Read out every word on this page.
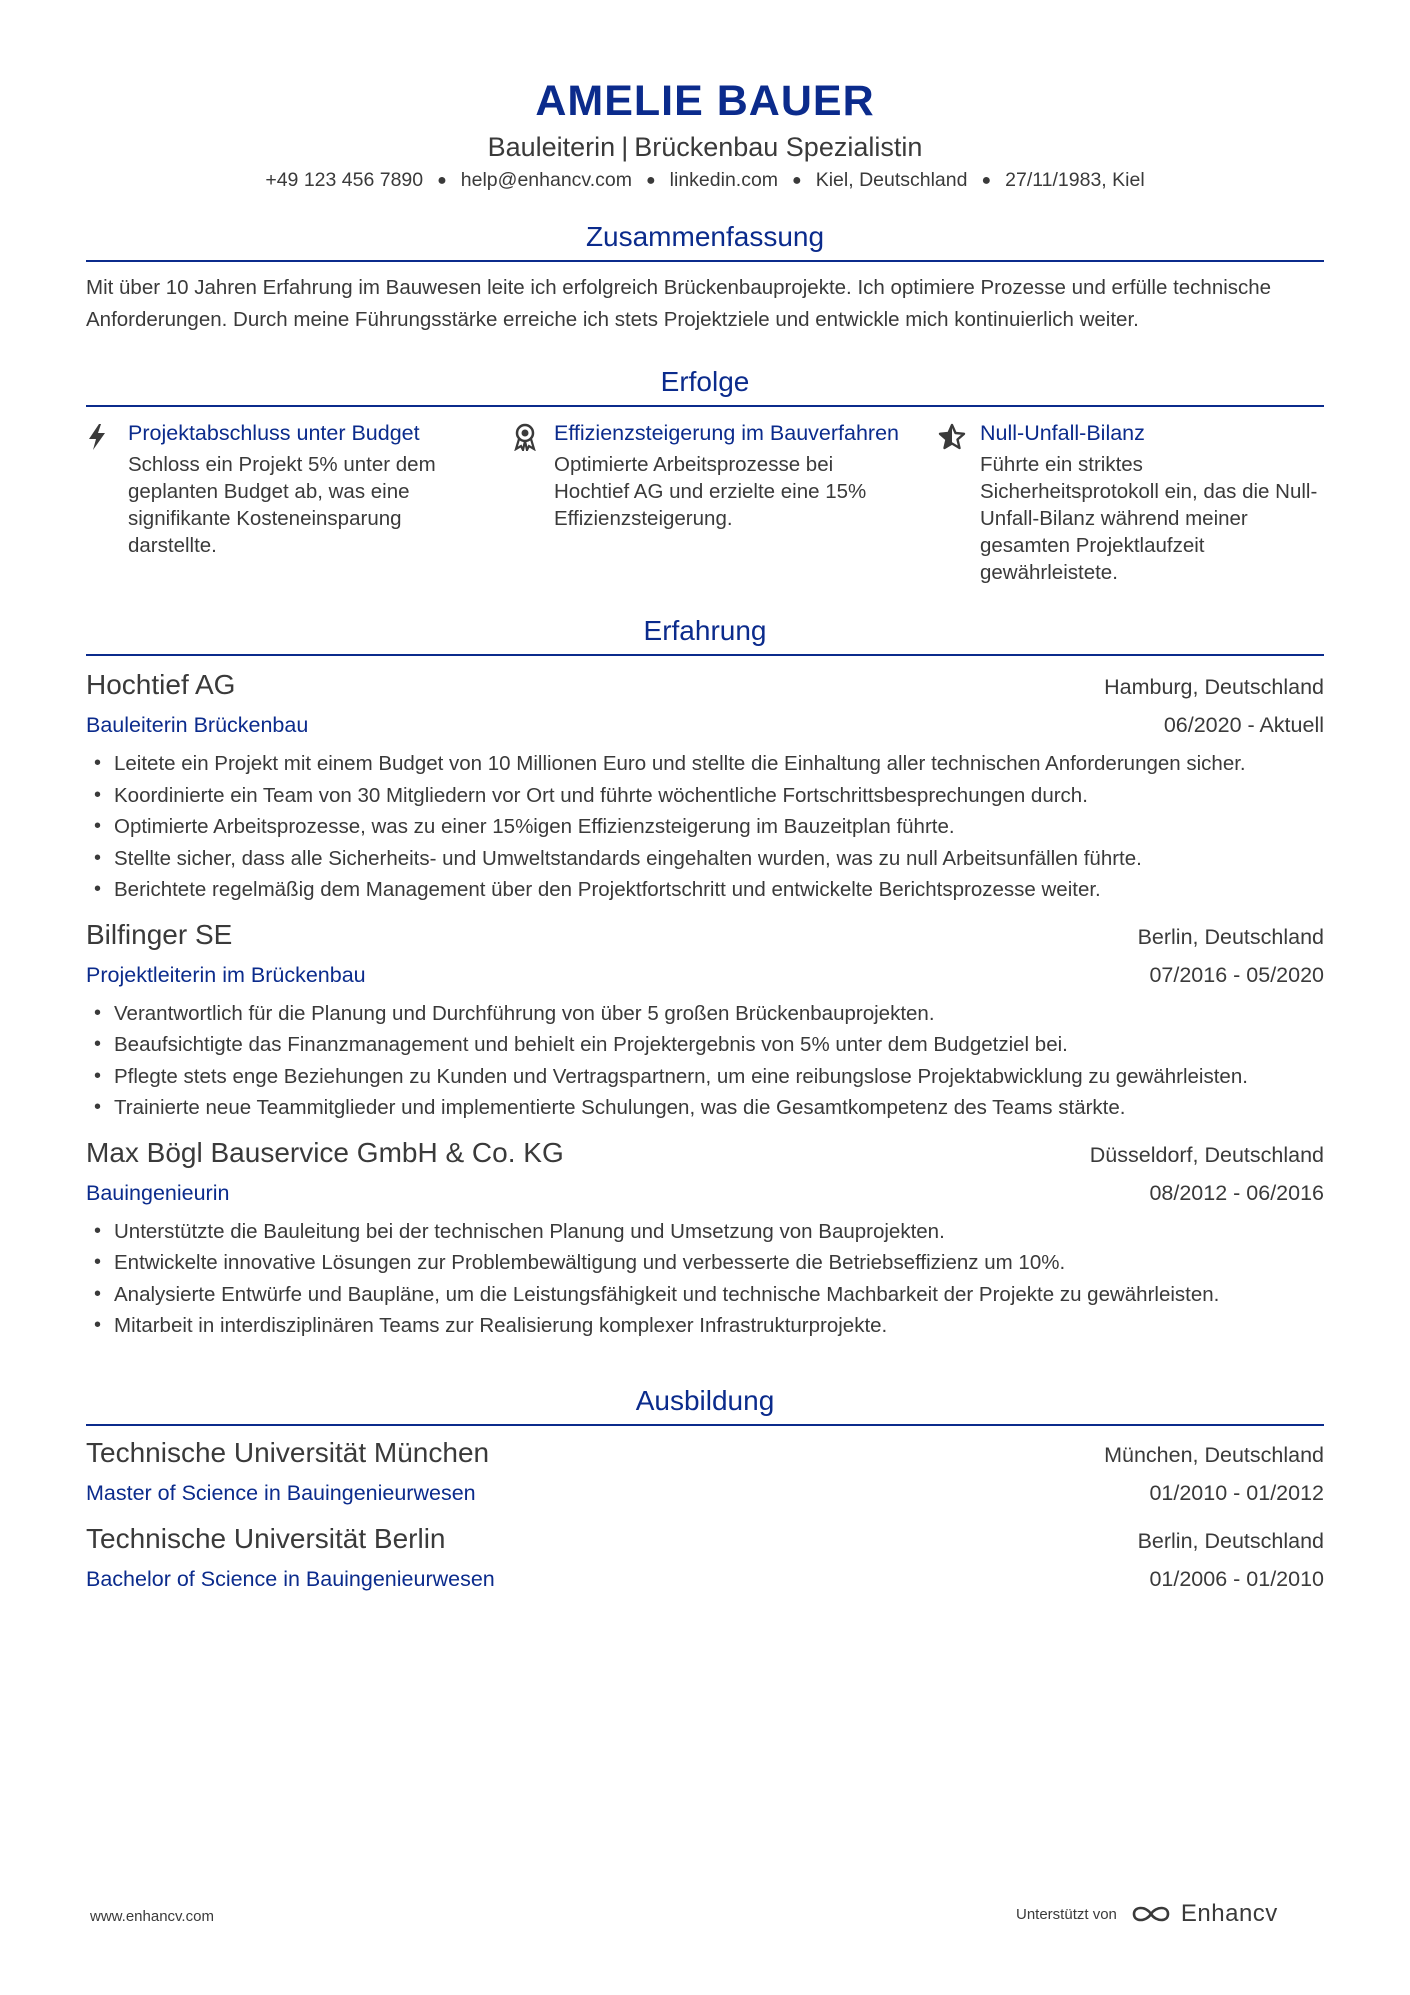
AMELIE BAUER
Bauleiterin | Brückenbau Spezialistin
+49 123 456 7890 ● help@enhancv.com ● linkedin.com ● Kiel, Deutschland ● 27/11/1983, Kiel
Zusammenfassung
Mit über 10 Jahren Erfahrung im Bauwesen leite ich erfolgreich Brückenbauprojekte. Ich optimiere Prozesse und erfülle technische Anforderungen. Durch meine Führungsstärke erreiche ich stets Projektziele und entwickle mich kontinuierlich weiter.
Erfolge
Projektabschluss unter Budget
Schloss ein Projekt 5% unter dem geplanten Budget ab, was eine signifikante Kosteneinsparung darstellte.
Effizienzsteigerung im Bauverfahren
Optimierte Arbeitsprozesse bei Hochtief AG und erzielte eine 15% Effizienzsteigerung.
Null-Unfall-Bilanz
Führte ein striktes Sicherheitsprotokoll ein, das die Null-Unfall-Bilanz während meiner gesamten Projektlaufzeit gewährleistete.
Erfahrung
Hochtief AG	Hamburg, Deutschland
Bauleiterin Brückenbau	06/2020 - Aktuell
• Leitete ein Projekt mit einem Budget von 10 Millionen Euro und stellte die Einhaltung aller technischen Anforderungen sicher.
• Koordinierte ein Team von 30 Mitgliedern vor Ort und führte wöchentliche Fortschrittsbesprechungen durch.
• Optimierte Arbeitsprozesse, was zu einer 15%igen Effizienzsteigerung im Bauzeitplan führte.
• Stellte sicher, dass alle Sicherheits- und Umweltstandards eingehalten wurden, was zu null Arbeitsunfällen führte.
• Berichtete regelmäßig dem Management über den Projektfortschritt und entwickelte Berichtsprozesse weiter.
Bilfinger SE	Berlin, Deutschland
Projektleiterin im Brückenbau	07/2016 - 05/2020
• Verantwortlich für die Planung und Durchführung von über 5 großen Brückenbauprojekten.
• Beaufsichtigte das Finanzmanagement und behielt ein Projektergebnis von 5% unter dem Budgetziel bei.
• Pflegte stets enge Beziehungen zu Kunden und Vertragspartnern, um eine reibungslose Projektabwicklung zu gewährleisten.
• Trainierte neue Teammitglieder und implementierte Schulungen, was die Gesamtkompetenz des Teams stärkte.
Max Bögl Bauservice GmbH & Co. KG	Düsseldorf, Deutschland
Bauingenieurin	08/2012 - 06/2016
• Unterstützte die Bauleitung bei der technischen Planung und Umsetzung von Bauprojekten.
• Entwickelte innovative Lösungen zur Problembewältigung und verbesserte die Betriebseffizienz um 10%.
• Analysierte Entwürfe und Baupläne, um die Leistungsfähigkeit und technische Machbarkeit der Projekte zu gewährleisten.
• Mitarbeit in interdisziplinären Teams zur Realisierung komplexer Infrastrukturprojekte.
Ausbildung
Technische Universität München	München, Deutschland
Master of Science in Bauingenieurwesen	01/2010 - 01/2012
Technische Universität Berlin	Berlin, Deutschland
Bachelor of Science in Bauingenieurwesen	01/2006 - 01/2010
www.enhancv.com	Unterstützt von	Enhancv
